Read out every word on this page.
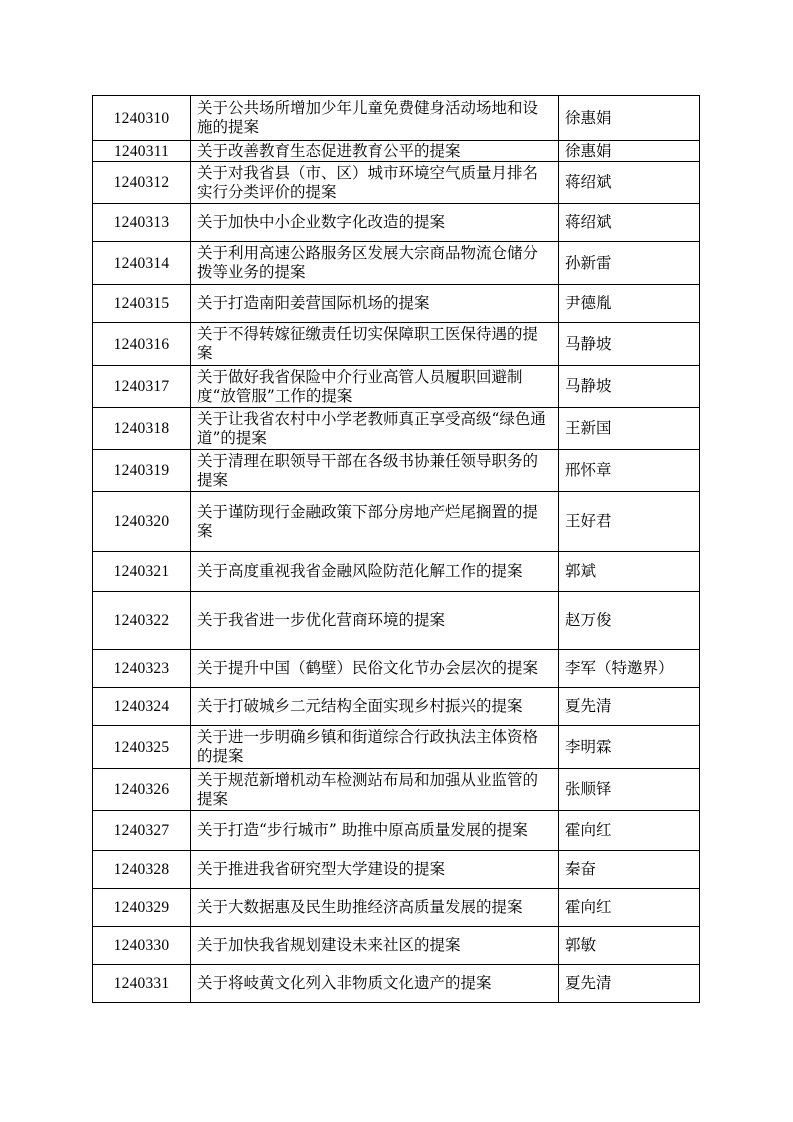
1240310	关于公共场所增加少年儿童免费健身活动场地和设施的提案	徐惠娟
1240311	关于改善教育生态促进教育公平的提案	徐惠娟
1240312	关于对我省县（市、区）城市环境空气质量月排名实行分类评价的提案	蒋绍斌
1240313	关于加快中小企业数字化改造的提案	蒋绍斌
1240314	关于利用高速公路服务区发展大宗商品物流仓储分拨等业务的提案	孙新雷
1240315	关于打造南阳姜营国际机场的提案	尹德胤
1240316	关于不得转嫁征缴责任切实保障职工医保待遇的提案	马静坡
1240317	关于做好我省保险中介行业高管人员履职回避制度“放管服”工作的提案	马静坡
1240318	关于让我省农村中小学老教师真正享受高级“绿色通道”的提案	王新国
1240319	关于清理在职领导干部在各级书协兼任领导职务的提案	邢怀章
1240320	关于谨防现行金融政策下部分房地产烂尾搁置的提案	王好君
1240321	关于高度重视我省金融风险防范化解工作的提案	郭斌
1240322	关于我省进一步优化营商环境的提案	赵万俊
1240323	关于提升中国（鹤壁）民俗文化节办会层次的提案	李军（特邀界）
1240324	关于打破城乡二元结构全面实现乡村振兴的提案	夏先清
1240325	关于进一步明确乡镇和街道综合行政执法主体资格的提案	李明霖
1240326	关于规范新增机动车检测站布局和加强从业监管的提案	张顺铎
1240327	关于打造“步行城市” 助推中原高质量发展的提案	霍向红
1240328	关于推进我省研究型大学建设的提案	秦奋
1240329	关于大数据惠及民生助推经济高质量发展的提案	霍向红
1240330	关于加快我省规划建设未来社区的提案	郭敏
1240331	关于将岐黄文化列入非物质文化遗产的提案	夏先清
